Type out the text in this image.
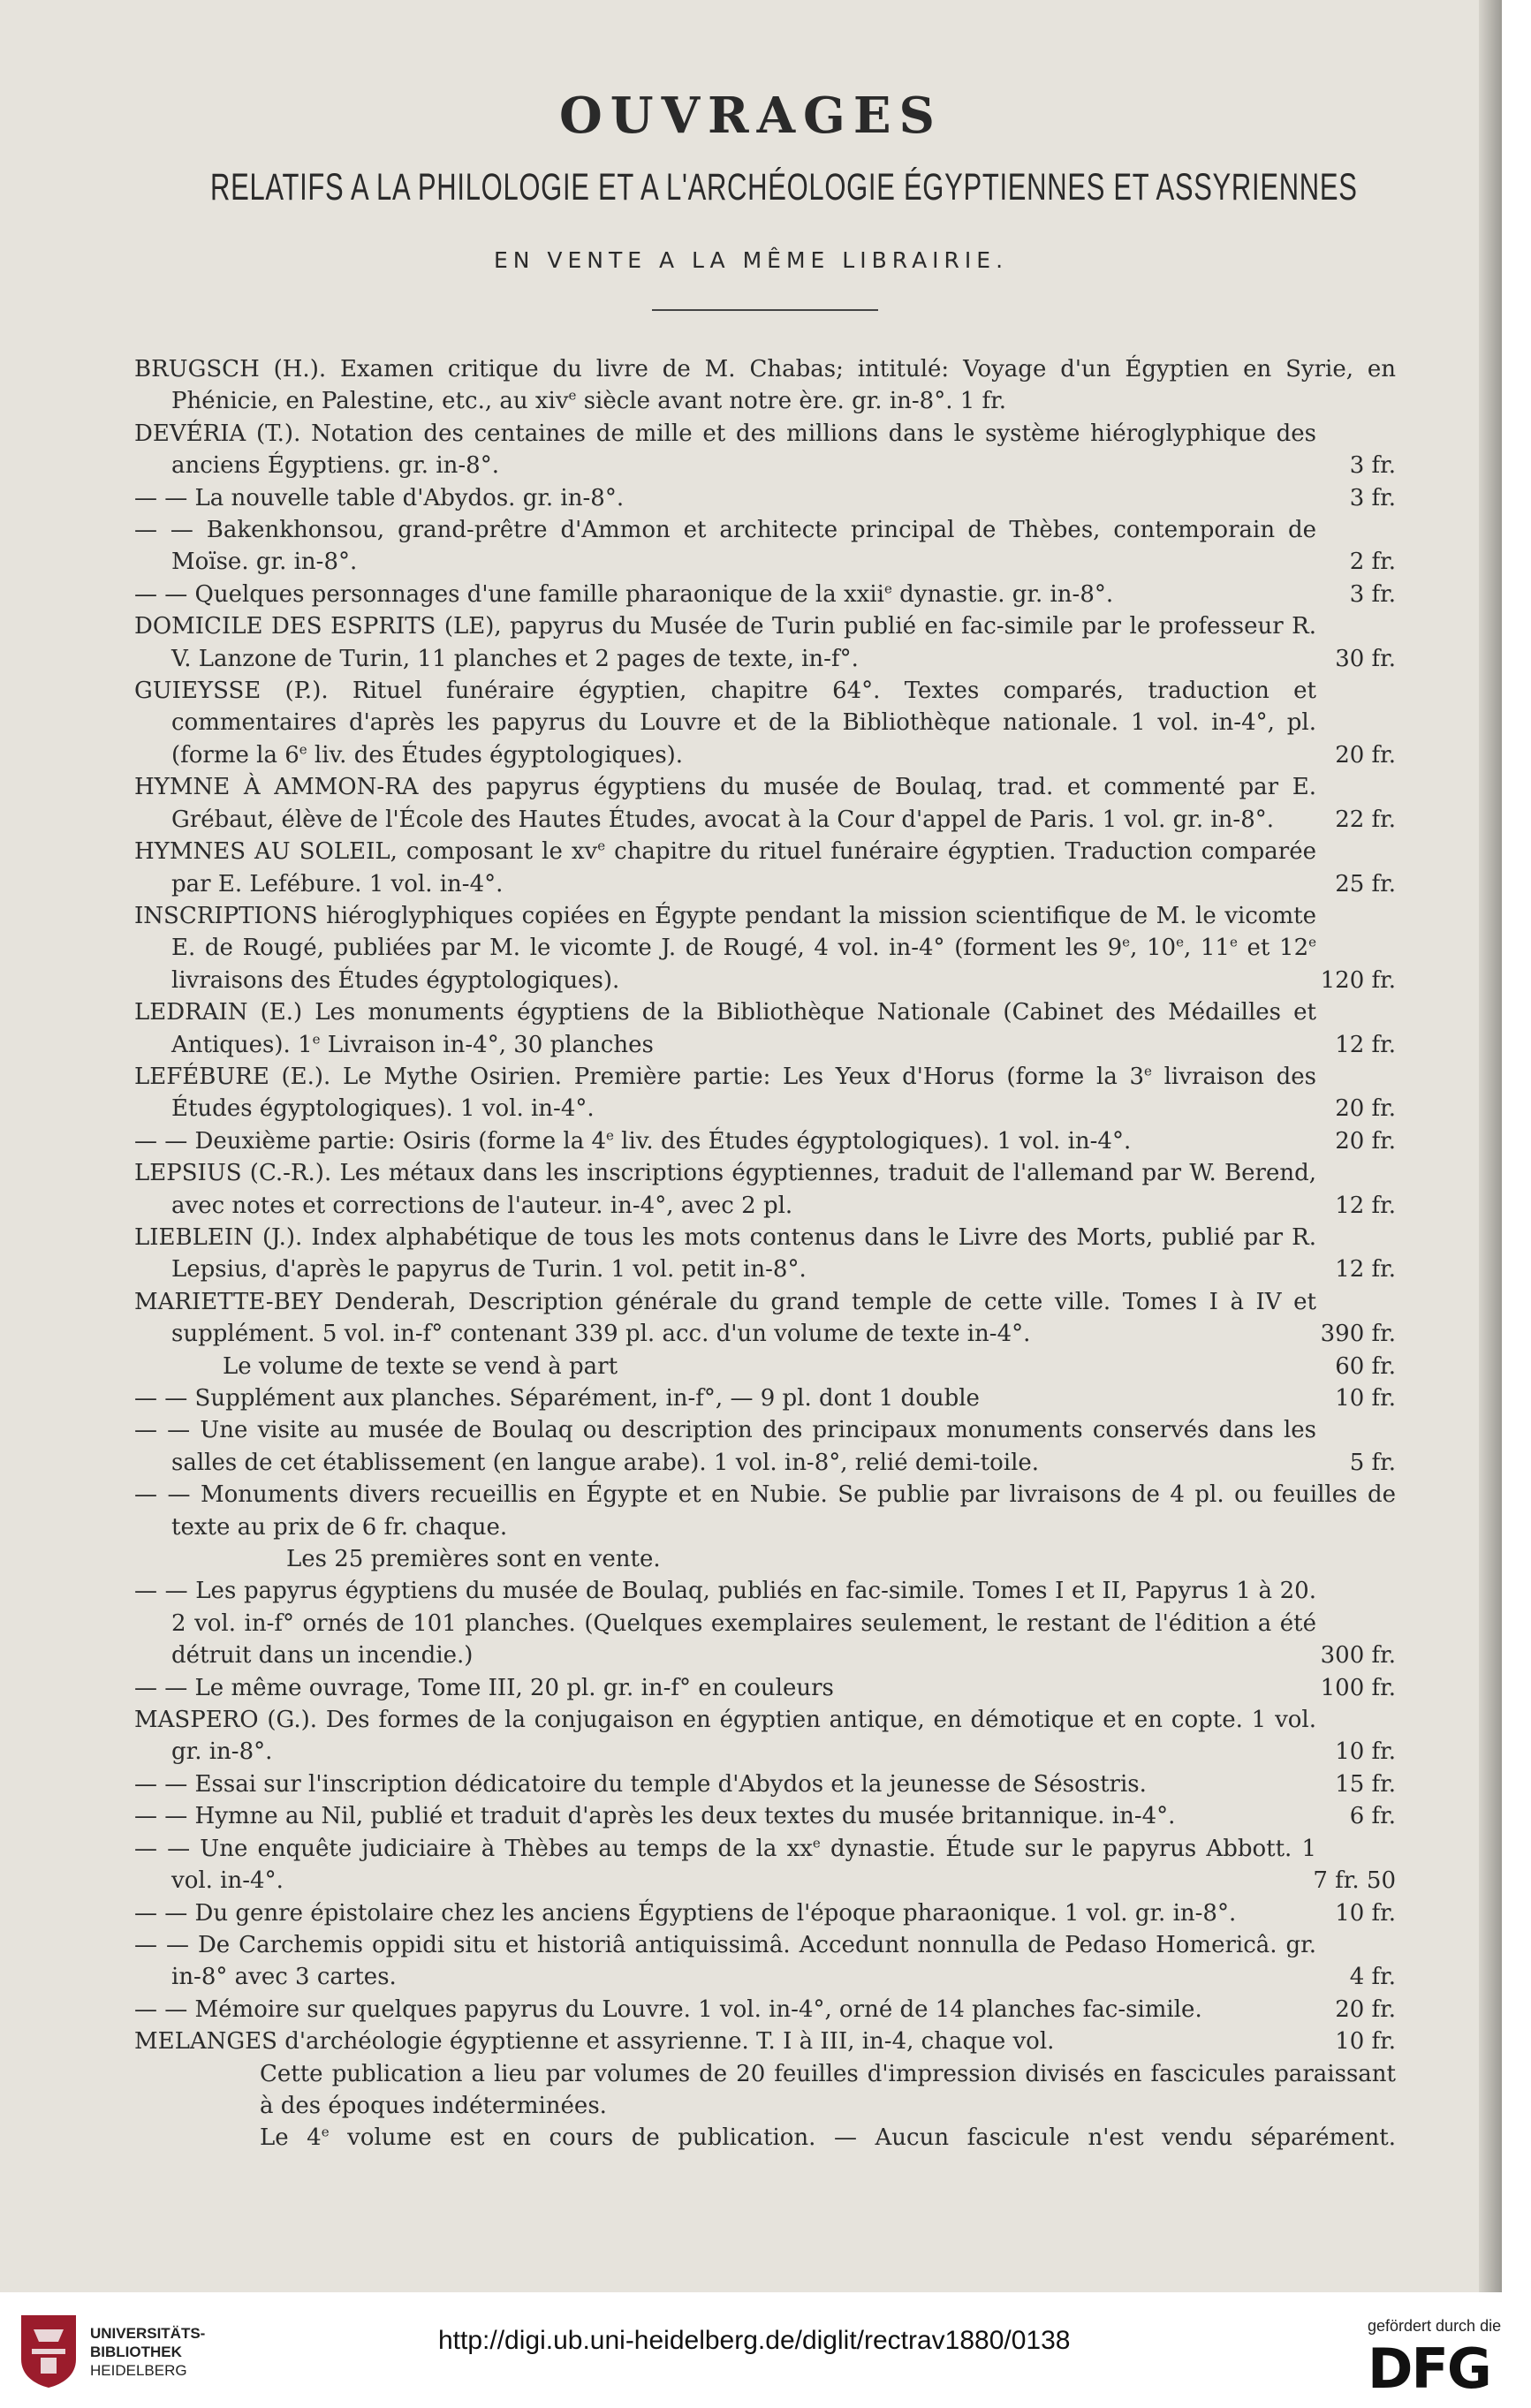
OUVRAGES
RELATIFS A LA PHILOLOGIE ET A L'ARCHÉOLOGIE ÉGYPTIENNES ET ASSYRIENNES
EN VENTE A LA MÊME LIBRAIRIE.
BRUGSCH (H.). Examen critique du livre de M. Chabas; intitulé: Voyage d'un Égyptien en Syrie, en Phénicie, en Palestine, etc., au xiv$^e$ siècle avant notre ère. gr. in-8°. 1 fr.
DEVÉRIA (T.). Notation des centaines de mille et des millions dans le système hiéroglyphique des anciens Égyptiens. gr. in-8°.	3 fr.
— — La nouvelle table d'Abydos. gr. in-8°.	3 fr.
— — Bakenkhonsou, grand-prêtre d'Ammon et architecte principal de Thèbes, contemporain de Moïse. gr. in-8°.	2 fr.
— — Quelques personnages d'une famille pharaonique de la xxii$^e$ dynastie. gr. in-8°.	3 fr.
DOMICILE DES ESPRITS (LE), papyrus du Musée de Turin publié en fac-simile par le professeur R. V. Lanzone de Turin, 11 planches et 2 pages de texte, in-f°.	30 fr.
GUIEYSSE (P.). Rituel funéraire égyptien, chapitre 64°. Textes comparés, traduction et commentaires d'après les papyrus du Louvre et de la Bibliothèque nationale. 1 vol. in-4°, pl. (forme la 6e liv. des Études égyptologiques).	20 fr.
HYMNE À AMMON-RA des papyrus égyptiens du musée de Boulaq, trad. et commenté par E. Grébaut, élève de l'École des Hautes Études, avocat à la Cour d'appel de Paris. 1 vol. gr. in-8°.	22 fr.
HYMNES AU SOLEIL, composant le $xv^e$ chapitre du rituel funéraire égyptien. Traduction comparée par E. Lefébure. 1 vol. in-4°.	25 fr.
INSCRIPTIONS hiéroglyphiques copiées en Égypte pendant la mission scientifique de M. le vicomte E. de Rougé, publiées par M. le vicomte J. de Rougé, 4 vol. in-4° (forment les 9e, 10e, 11e et 12e livraisons des Études égyptologiques).	120 fr.
LEDRAIN (E.) Les monuments égyptiens de la Bibliothèque Nationale (Cabinet des Médailles et Antiques). 1e Livraison in-4°, 30 planches	12 fr.
LEFÉBURE (E.). Le Mythe Osirien. Première partie: Les Yeux d'Horus (forme la 3e livraison des Études égyptologiques). 1 vol. in-4°.	20 fr.
— — Deuxième partie: Osiris (forme la 4e liv. des Études égyptologiques). 1 vol. in-4°.	20 fr.
LEPSIUS (C.-R.). Les métaux dans les inscriptions égyptiennes, traduit de l'allemand par W. Berend, avec notes et corrections de l'auteur. in-4°, avec 2 pl.	12 fr.
LIEBLEIN (J.). Index alphabétique de tous les mots contenus dans le Livre des Morts, publié par R. Lepsius, d'après le papyrus de Turin. 1 vol. petit in-8°.	12 fr.
MARIETTE-BEY Denderah, Description générale du grand temple de cette ville. Tomes I à IV et supplément. 5 vol. in-f° contenant 339 pl. acc. d'un volume de texte in-4°.	390 fr.
Le volume de texte se vend à part	60 fr.
— — Supplément aux planches. Séparément, in-f°, — 9 pl. dont 1 double	10 fr.
— — Une visite au musée de Boulaq ou description des principaux monuments conservés dans les salles de cet établissement (en langue arabe). 1 vol. in-8°, relié demi-toile.	5 fr.
— — Monuments divers recueillis en Égypte et en Nubie. Se publie par livraisons de 4 pl. ou feuilles de texte au prix de 6 fr. chaque.
Les 25 premières sont en vente.
— — Les papyrus égyptiens du musée de Boulaq, publiés en fac-simile. Tomes I et II, Papyrus 1 à 20. 2 vol. in-f° ornés de 101 planches. (Quelques exemplaires seulement, le restant de l'édition a été détruit dans un incendie.)	300 fr.
— — Le même ouvrage, Tome III, 20 pl. gr. in-f° en couleurs	100 fr.
MASPERO (G.). Des formes de la conjugaison en égyptien antique, en démotique et en copte. 1 vol. gr. in-8°.	10 fr.
— — Essai sur l'inscription dédicatoire du temple d'Abydos et la jeunesse de Sésostris.	15 fr.
— — Hymne au Nil, publié et traduit d'après les deux textes du musée britannique. in-4°.	6 fr.
— — Une enquête judiciaire à Thèbes au temps de la $xx^e$ dynastie. Étude sur le papyrus Abbott. 1 vol. in-4°.	7 fr. 50
— — Du genre épistolaire chez les anciens Égyptiens de l'époque pharaonique. 1 vol. gr. in-8°.	10 fr.
— — De Carchemis oppidi situ et historiâ antiquissimâ. Accedunt nonnulla de Pedaso Homericâ. gr. in-8° avec 3 cartes.	4 fr.
— — Mémoire sur quelques papyrus du Louvre. 1 vol. in-4°, orné de 14 planches fac-simile.	20 fr.
MELANGES d'archéologie égyptienne et assyrienne. T. I à III, in-4, chaque vol.	10 fr.
Cette publication a lieu par volumes de 20 feuilles d'impression divisés en fascicules paraissant à des époques indéterminées.
Le 4e volume est en cours de publication. — Aucun fascicule n'est vendu séparément.
UNIVERSITÄTS-
BIBLIOTHEK
HEIDELBERG
http://digi.ub.uni-heidelberg.de/diglit/rectrav1880/0138	gefördert durch die
DFG
